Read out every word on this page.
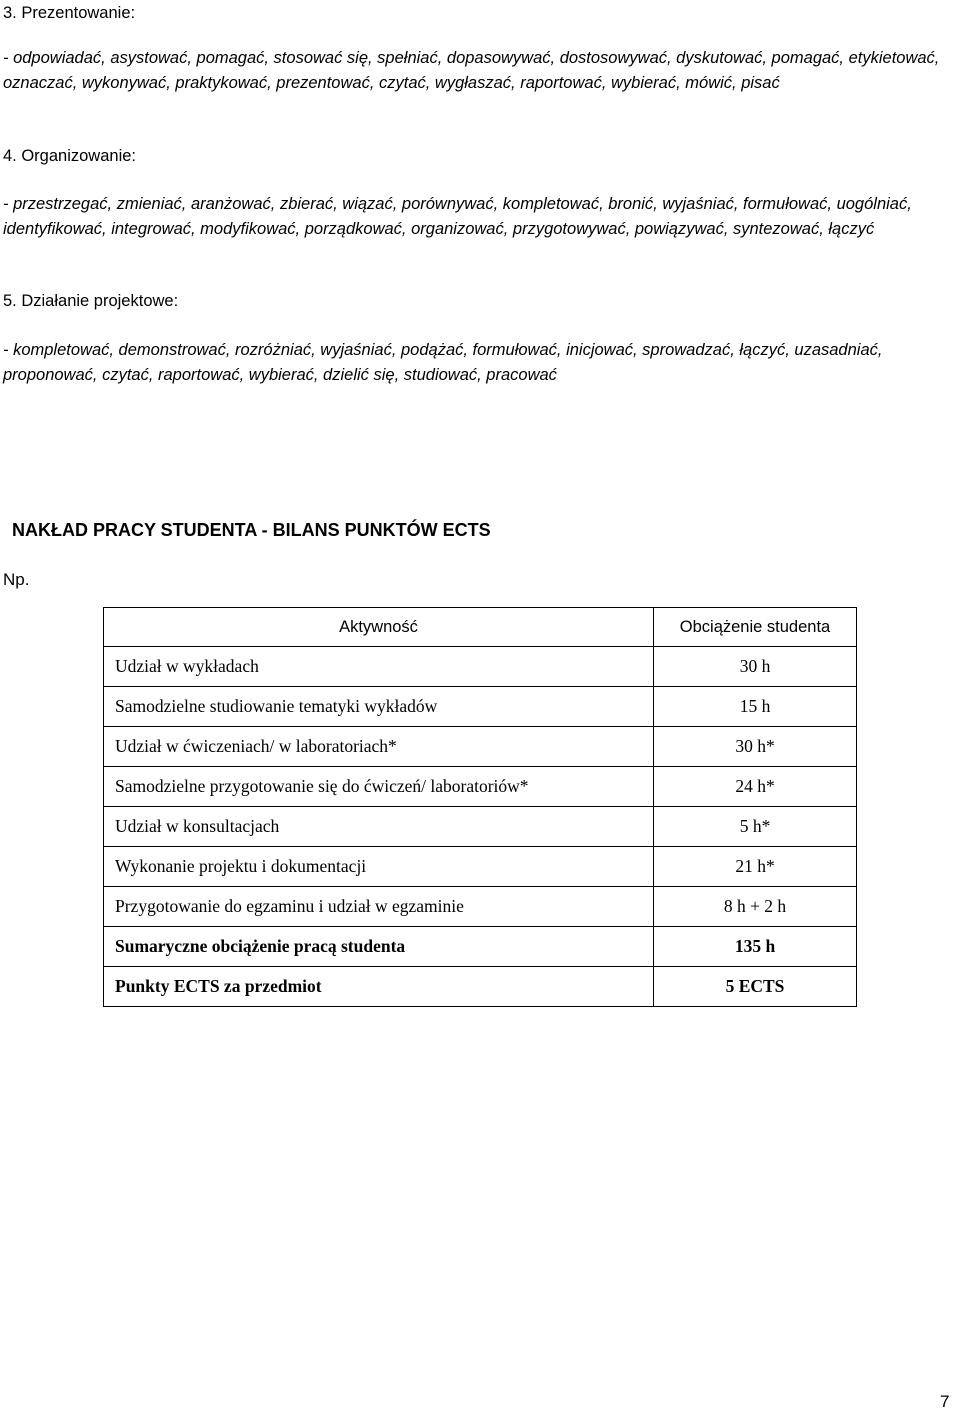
3. Prezentowanie:
- odpowiadać, asystować, pomagać, stosować się, spełniać, dopasowywać, dostosowywać, dyskutować, pomagać, etykietować, oznaczać, wykonywać, praktykować, prezentować, czytać, wygłaszać, raportować, wybierać, mówić, pisać
4. Organizowanie:
- przestrzegać, zmieniać, aranżować, zbierać, wiązać, porównywać, kompletować, bronić, wyjaśniać, formułować, uogólniać, identyfikować, integrować, modyfikować, porządkować, organizować, przygotowywać, powiązywać, syntezować, łączyć
5. Działanie projektowe:
- kompletować, demonstrować, rozróżniać, wyjaśniać, podążać, formułować, inicjować, sprowadzać, łączyć, uzasadniać, proponować, czytać, raportować, wybierać, dzielić się, studiować, pracować
NAKŁAD PRACY STUDENTA - BILANS PUNKTÓW ECTS
Np.
Aktywność	Obciążenie studenta
Udział w wykładach	30 h
Samodzielne studiowanie tematyki wykładów	15 h
Udział w ćwiczeniach/ w laboratoriach*	30 h*
Samodzielne przygotowanie się do ćwiczeń/ laboratoriów*	24 h*
Udział w konsultacjach	5 h*
Wykonanie projektu i dokumentacji	21 h*
Przygotowanie do egzaminu i udział w egzaminie	8 h + 2 h
Sumaryczne obciążenie pracą studenta	135 h
Punkty ECTS za przedmiot	5 ECTS
7
